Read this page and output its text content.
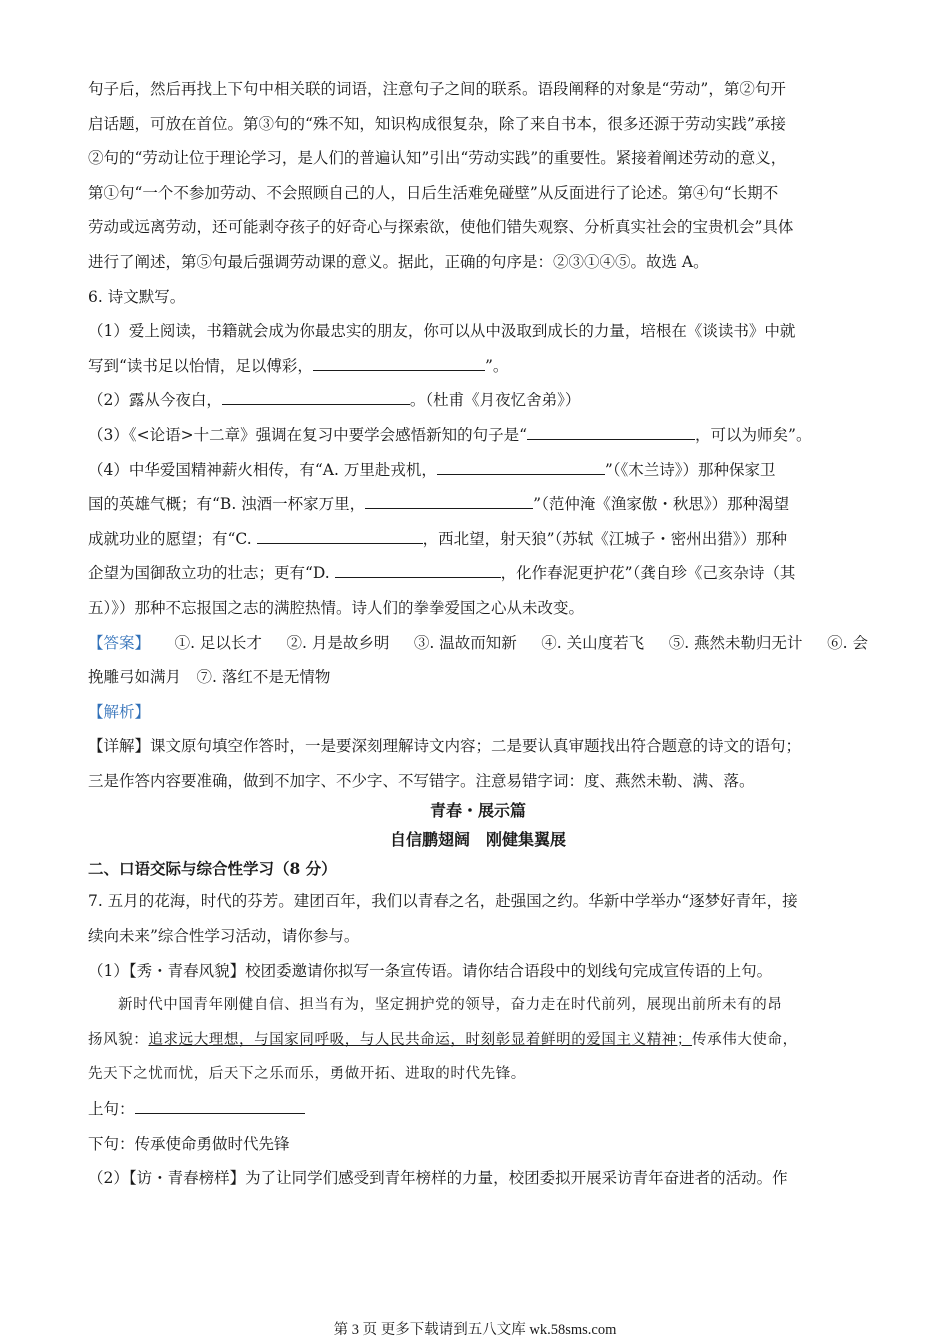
句子后，然后再找上下句中相关联的词语，注意句子之间的联系。语段阐释的对象是“劳动”，第②句开
启话题，可放在首位。第③句的“殊不知，知识构成很复杂，除了来自书本，很多还源于劳动实践”承接
②句的“劳动让位于理论学习，是人们的普遍认知”引出“劳动实践”的重要性。紧接着阐述劳动的意义，
第①句“一个不参加劳动、不会照顾自己的人，日后生活难免碰壁”从反面进行了论述。第④句“长期不
劳动或远离劳动，还可能剥夺孩子的好奇心与探索欲，使他们错失观察、分析真实社会的宝贵机会”具体
进行了阐述，第⑤句最后强调劳动课的意义。据此，正确的句序是：②③①④⑤。故选 A。
6. 诗文默写。
（1）爱上阅读，书籍就会成为你最忠实的朋友，你可以从中汲取到成长的力量，培根在《谈读书》中就
写到“读书足以怡情，足以傅彩，	”。
（2）露从今夜白，	。（杜甫《月夜忆舍弟》）
（3）《<论语>十二章》强调在复习中要学会感悟新知的句子是“	，可以为师矣”。
（4）中华爱国精神薪火相传，有“A. 万里赴戎机，	”（《木兰诗》）那种保家卫
国的英雄气概；有“B. 浊酒一杯家万里，	”（范仲淹《渔家傲・秋思》）那种渴望
成就功业的愿望；有“C.	，西北望，射天狼”（苏轼《江城子・密州出猎》）那种
企望为国御敌立功的壮志；更有“D.	，化作春泥更护花”（龚自珍《己亥杂诗（其
五）》）那种不忘报国之志的满腔热情。诗人们的拳拳爱国之心从未改变。
【答案】 ①. 足以长才 ②. 月是故乡明 ③. 温故而知新 ④. 关山度若飞 ⑤. 燕然未勒归无计 ⑥. 会
挽雕弓如满月　⑦. 落红不是无情物
【解析】
【详解】课文原句填空作答时，一是要深刻理解诗文内容；二是要认真审题找出符合题意的诗文的语句；
三是作答内容要准确，做到不加字、不少字、不写错字。注意易错字词：度、燕然未勒、满、落。
青春・展示篇
自信鹏翅阔　刚健集翼展
二、口语交际与综合性学习（8 分）
7. 五月的花海，时代的芬芳。建团百年，我们以青春之名，赴强国之约。华新中学举办“逐梦好青年，接
续向未来”综合性学习活动，请你参与。
（1）【秀・青春风貌】校团委邀请你拟写一条宣传语。请你结合语段中的划线句完成宣传语的上句。
新时代中国青年刚健自信、担当有为，坚定拥护党的领导，奋力走在时代前列，展现出前所未有的昂
扬风貌：追求远大理想，与国家同呼吸，与人民共命运，时刻彰显着鲜明的爱国主义精神；传承伟大使命，
先天下之忧而忧，后天下之乐而乐，勇做开拓、进取的时代先锋。
上句：
下句：传承使命勇做时代先锋
（2）【访・青春榜样】为了让同学们感受到青年榜样的力量，校团委拟开展采访青年奋进者的活动。作
第 3 页 更多下载请到五八文库 wk.58sms.com
